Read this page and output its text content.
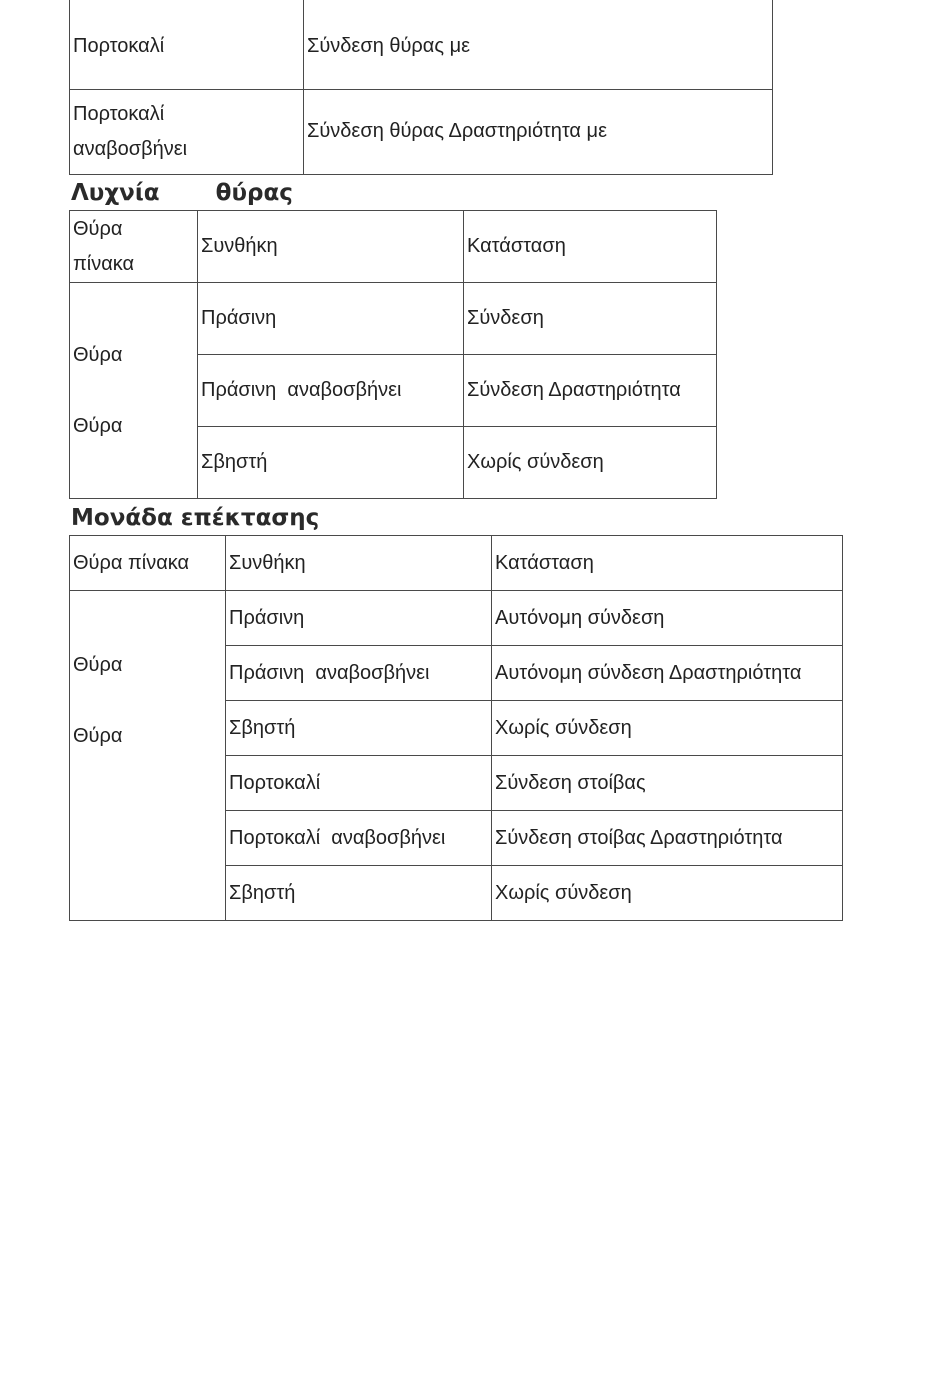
Πορτοκαλί	Σύνδεση θύρας με

Πορτοκαλί
αναβοσβήνει	Σύνδεση θύρας Δραστηριότητα με
Λυχνία       θύρας
Θύρα
πίνακα	Συνθήκη	Κατάσταση

Θύρα
Θύρα	Πράσινη	Σύνδεση
	Πράσινη  αναβοσβήνει	Σύνδεση Δραστηριότητα
	Σβηστή	Χωρίς σύνδεση
Μονάδα επέκτασης
Θύρα πίνακα	Συνθήκη	Κατάσταση

Θύρα
Θύρα	Πράσινη	Αυτόνομη σύνδεση
	Πράσινη  αναβοσβήνει	Αυτόνομη σύνδεση Δραστηριότητα
	Σβηστή	Χωρίς σύνδεση
	Πορτοκαλί	Σύνδεση στοίβας
	Πορτοκαλί  αναβοσβήνει	Σύνδεση στοίβας Δραστηριότητα
	Σβηστή	Χωρίς σύνδεση
